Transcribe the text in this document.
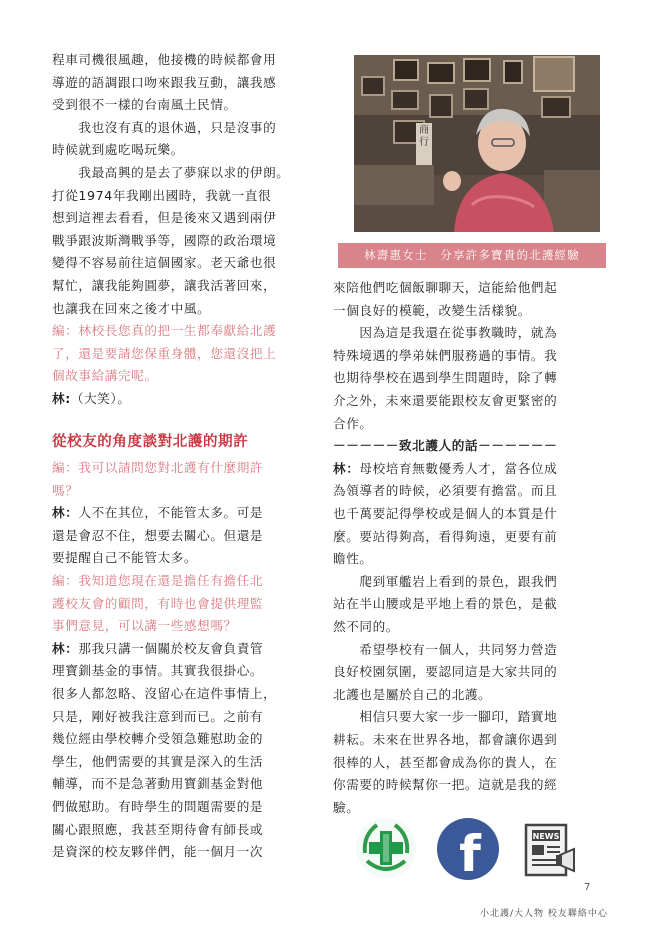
程車司機很風趣，他接機的時候都會用
導遊的語調跟口吻來跟我互動，讓我感
受到很不一樣的台南風土民情。
　　我也沒有真的退休過，只是沒事的
時候就到處吃喝玩樂。
　　我最高興的是去了夢寐以求的伊朗。
打從1974年我剛出國時，我就一直很
想到這裡去看看，但是後來又遇到兩伊
戰爭跟波斯灣戰爭等，國際的政治環境
變得不容易前往這個國家。老天爺也很
幫忙，讓我能夠圓夢，讓我活著回來，
也讓我在回來之後才中風。
編：林校長您真的把一生都奉獻給北護
了，還是要請您保重身體，您還沒把上
個故事給講完呢。
林:（大笑）。
編：我可以請問您對北護有什麼期許
嗎？
林：人不在其位，不能管太多。可是
還是會忍不住，想要去關心。但還是
要提醒自己不能管太多。
編：我知道您現在還是擔任有擔任北
護校友會的顧問，有時也會提供理監
事們意見，可以講一些感想嗎？
林：那我只講一個關於校友會負責管
理寶釧基金的事情。其實我很掛心。
很多人都忽略、沒留心在這件事情上，
只是，剛好被我注意到而已。之前有
幾位經由學校轉介受領急難慰助金的
學生，他們需要的其實是深入的生活
輔導，而不是急著動用寶釧基金對他
們做慰助。有時學生的問題需要的是
關心跟照應，我甚至期待會有師長或
是資深的校友夥伴們，能一個月一次
從校友的角度談對北護的期許
商行
林壽惠女士　分享許多寶貴的北護經驗
來陪他們吃個飯聊聊天，這能給他們起
一個良好的模範，改變生活樣貌。
　　因為這是我還在從事教職時，就為
特殊境遇的學弟妹們服務過的事情。我
也期待學校在遇到學生問題時，除了轉
介之外，未來還要能跟校友會更緊密的
合作。
－－－－－致北護人的話－－－－－－
林：母校培育無數優秀人才，當各位成
為領導者的時候，必須要有擔當。而且
也千萬要記得學校或是個人的本質是什
麼。要站得夠高，看得夠遠，更要有前
瞻性。
　　爬到軍艦岩上看到的景色，跟我們
站在半山腰或是平地上看的景色，是截
然不同的。
　　希望學校有一個人，共同努力營造
良好校園氛圍，要認同這是大家共同的
北護也是屬於自己的北護。
　　相信只要大家一步一腳印，踏實地
耕耘。未來在世界各地，都會讓你遇到
很棒的人，甚至都會成為你的貴人，在
你需要的時候幫你一把。這就是我的經
驗。
f	NEWS
7
小北護/大人物 校友聯絡中心
